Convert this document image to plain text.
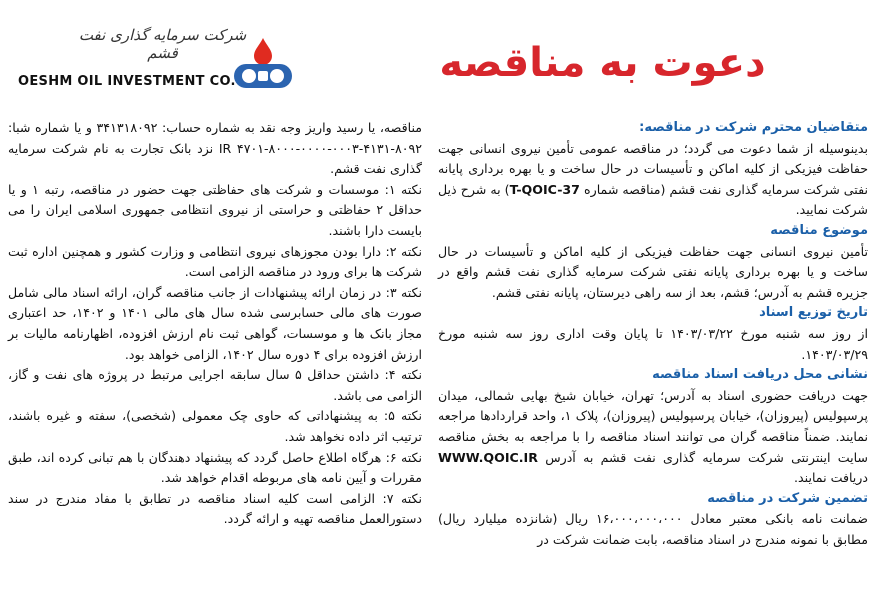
دعوت به مناقصه
شرکت سرمایه گذاری نفت قشم
OESHM OIL INVESTMENT CO.

متقاضیان محترم شرکت در مناقصه:

بدینوسیله از شما دعوت می گردد؛ در مناقصه عمومی تأمین نیروی انسانی جهت حفاظت فیزیکی از کلیه اماکن و تأسیسات در حال ساخت و یا بهره برداری پایانه نفتی شرکت سرمایه گذاری نفت قشم (مناقصه شماره T-QOIC-37) به شرح ذیل شرکت نمایید.

موضوع مناقصه

تأمین نیروی انسانی جهت حفاظت فیزیکی از کلیه اماکن و تأسیسات در حال ساخت و یا بهره برداری پایانه نفتی شرکت سرمایه گذاری نفت قشم واقع در جزیره قشم به آدرس؛ قشم، بعد از سه راهی دیرستان، پایانه نفتی قشم.

تاریخ توزیع اسناد

از روز سه شنبه مورخ ۱۴۰۳/۰۳/۲۲ تا پایان وقت اداری روز سه شنبه مورخ ۱۴۰۳/۰۳/۲۹.

نشانی محل دریافت اسناد مناقصه

جهت دریافت حضوری اسناد به آدرس؛ تهران، خیابان شیخ بهایی شمالی، میدان پرسپولیس (پیروزان)، خیابان پرسپولیس (پیروزان)، پلاک ۱، واحد قراردادها مراجعه نمایند. ضمناً مناقصه گران می توانند اسناد مناقصه را با مراجعه به بخش مناقصه سایت اینترنتی شرکت سرمایه گذاری نفت قشم به آدرس WWW.QOIC.IR دریافت نمایند.

تضمین شرکت در مناقصه

ضمانت نامه بانکی معتبر معادل ۱۶،۰۰۰،۰۰۰،۰۰۰ ریال (شانزده میلیارد ریال) مطابق با نمونه مندرج در اسناد مناقصه، بابت ضمانت شرکت در

مناقصه، یا رسید واریز وجه نقد به شماره حساب: ۳۴۱۳۱۸۰۹۲ و یا شماره شبا: IR ۴۷۰۱-۸۰۰۰-۰۰۰۰-۰۰۰۳-۴۱۳۱-۸۰۹۲ نزد بانک تجارت به نام شرکت سرمایه گذاری نفت قشم.

نکته ۱: موسسات و شرکت های حفاظتی جهت حضور در مناقصه، رتبه ۱ و یا حداقل ۲ حفاظتی و حراستی از نیروی انتظامی جمهوری اسلامی ایران را می بایست دارا باشند.

نکته ۲: دارا بودن مجوزهای نیروی انتظامی و وزارت کشور و همچنین اداره ثبت شرکت ها برای ورود در مناقصه الزامی است.

نکته ۳: در زمان ارائه پیشنهادات از جانب مناقصه گران، ارائه اسناد مالی شامل صورت های مالی حسابرسی شده سال های مالی ۱۴۰۱ و ۱۴۰۲، حد اعتباری مجاز بانک ها و موسسات، گواهی ثبت نام ارزش افزوده، اظهارنامه مالیات بر ارزش افزوده برای ۴ دوره سال ۱۴۰۲، الزامی خواهد بود.

نکته ۴: داشتن حداقل ۵ سال سابقه اجرایی مرتبط در پروژه های نفت و گاز، الزامی می باشد.

نکته ۵: به پیشنهاداتی که حاوی چک معمولی (شخصی)، سفته و غیره باشند، ترتیب اثر داده نخواهد شد.

نکته ۶: هرگاه اطلاع حاصل گردد که پیشنهاد دهندگان با هم تبانی کرده اند، طبق مقررات و آیین نامه های مربوطه اقدام خواهد شد.

نکته ۷: الزامی است کلیه اسناد مناقصه در تطابق با مفاد مندرج در سند دستورالعمل مناقصه تهیه و ارائه گردد.
